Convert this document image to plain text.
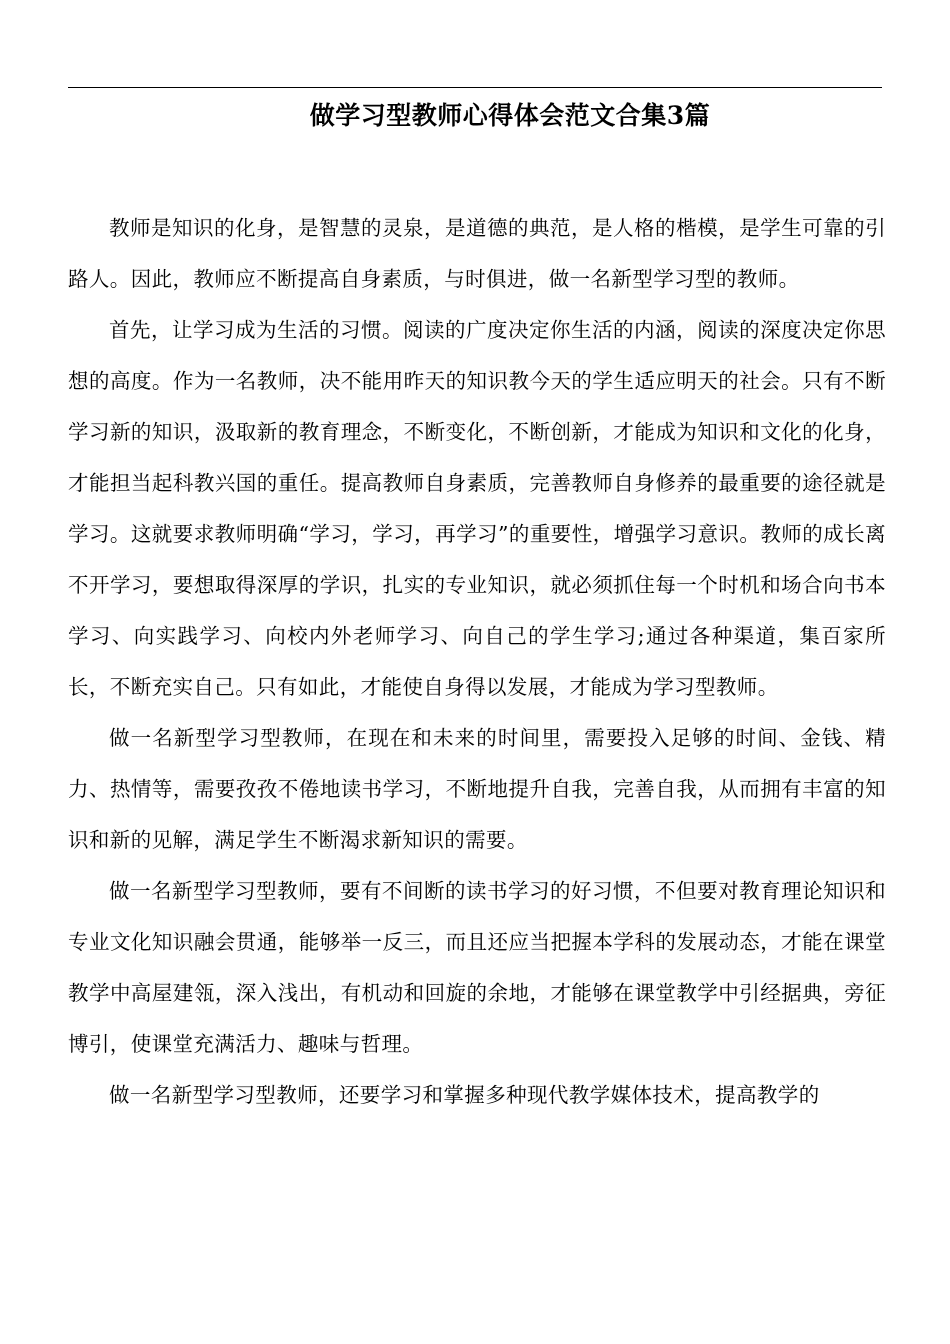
做学习型教师心得体会范文合集3篇

教师是知识的化身，是智慧的灵泉，是道德的典范，是人格的楷模，是学生可靠的引路人。因此，教师应不断提高自身素质，与时俱进，做一名新型学习型的教师。

首先，让学习成为生活的习惯。阅读的广度决定你生活的内涵，阅读的深度决定你思想的高度。作为一名教师，决不能用昨天的知识教今天的学生适应明天的社会。只有不断学习新的知识，汲取新的教育理念，不断变化，不断创新，才能成为知识和文化的化身，才能担当起科教兴国的重任。提高教师自身素质，完善教师自身修养的最重要的途径就是学习。这就要求教师明确“学习，学习，再学习”的重要性，增强学习意识。教师的成长离不开学习，要想取得深厚的学识，扎实的专业知识，就必须抓住每一个时机和场合向书本学习、向实践学习、向校内外老师学习、向自己的学生学习;通过各种渠道，集百家所长，不断充实自己。只有如此，才能使自身得以发展，才能成为学习型教师。

做一名新型学习型教师，在现在和未来的时间里，需要投入足够的时间、金钱、精力、热情等，需要孜孜不倦地读书学习，不断地提升自我，完善自我，从而拥有丰富的知识和新的见解，满足学生不断渴求新知识的需要。

做一名新型学习型教师，要有不间断的读书学习的好习惯，不但要对教育理论知识和专业文化知识融会贯通，能够举一反三，而且还应当把握本学科的发展动态，才能在课堂教学中高屋建瓴，深入浅出，有机动和回旋的余地，才能够在课堂教学中引经据典，旁征博引，使课堂充满活力、趣味与哲理。

做一名新型学习型教师，还要学习和掌握多种现代教学媒体技术，提高教学的
